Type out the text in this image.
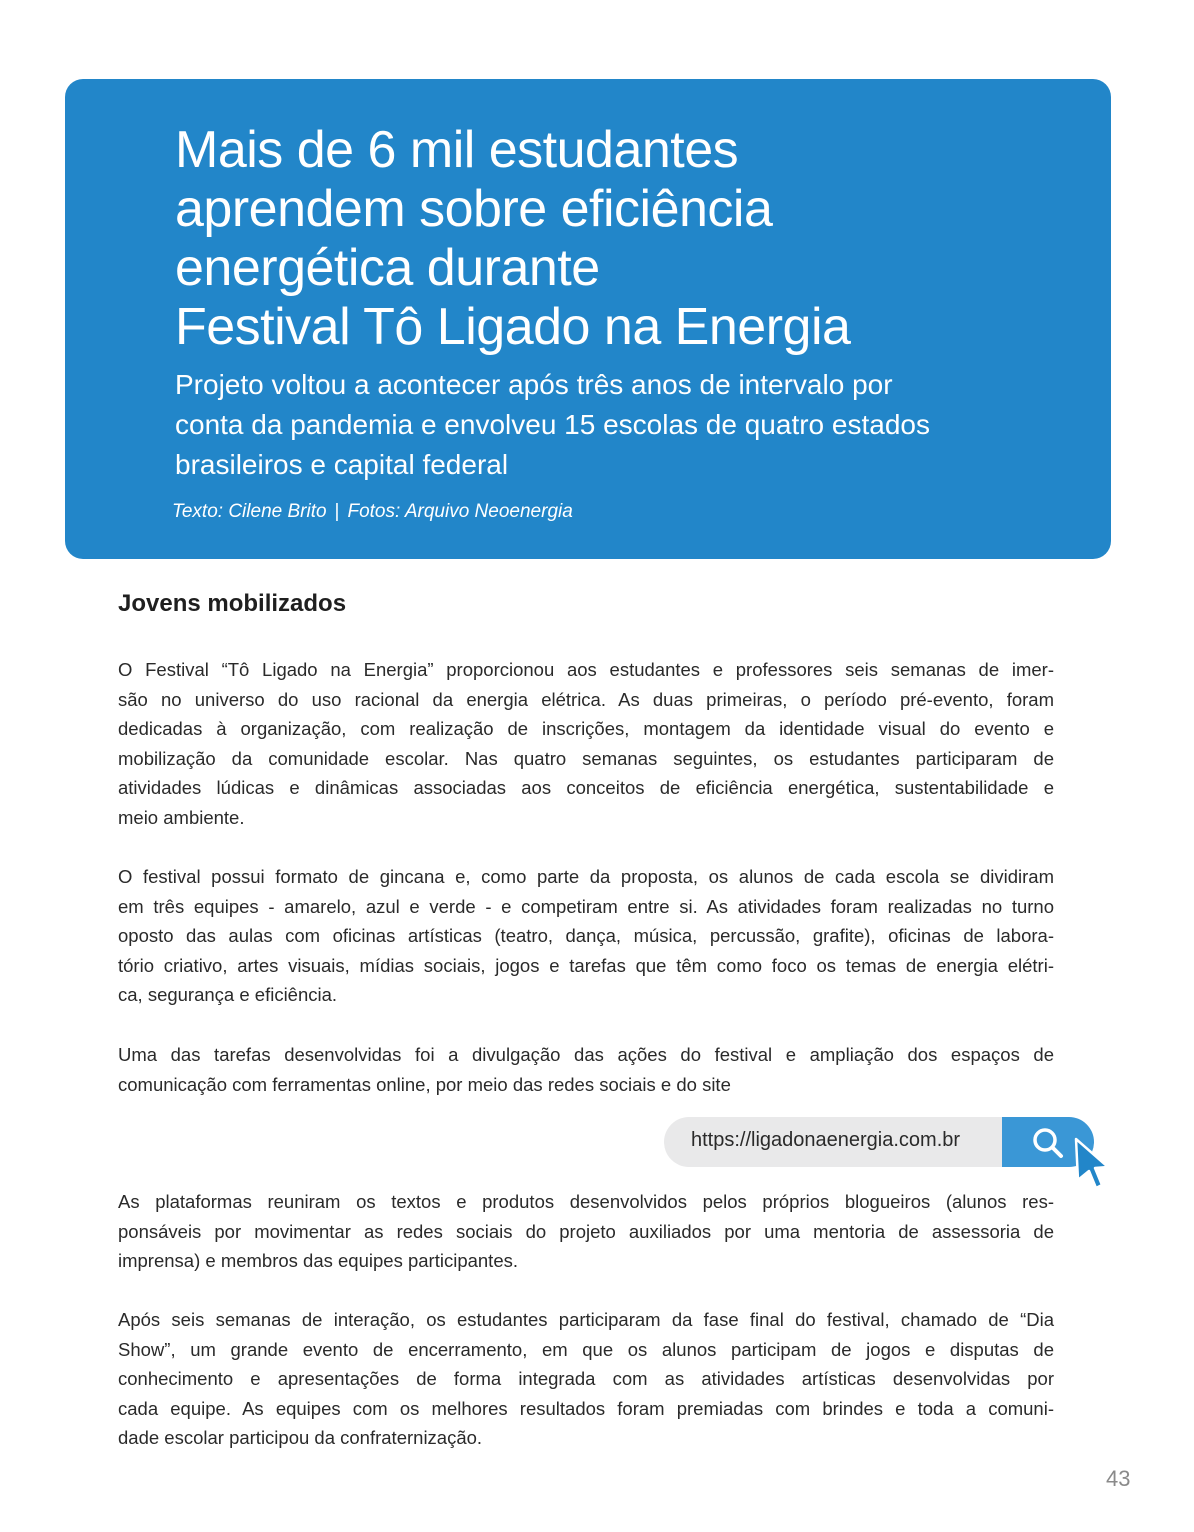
Mais de 6 mil estudantes
aprendem sobre eficiência
energética durante
Festival Tô Ligado na Energia
Projeto voltou a acontecer após três anos de intervalo por
conta da pandemia e envolveu 15 escolas de quatro estados
brasileiros e capital federal
Texto: Cilene Brito | Fotos: Arquivo Neoenergia
Jovens mobilizados
O Festival “Tô Ligado na Energia” proporcionou aos estudantes e professores seis semanas de imer-
são no universo do uso racional da energia elétrica. As duas primeiras, o período pré-evento, foram
dedicadas à organização, com realização de inscrições, montagem da identidade visual do evento e
mobilização da comunidade escolar. Nas quatro semanas seguintes, os estudantes participaram de
atividades lúdicas e dinâmicas associadas aos conceitos de eficiência energética, sustentabilidade e
meio ambiente.
O festival possui formato de gincana e, como parte da proposta, os alunos de cada escola se dividiram
em três equipes - amarelo, azul e verde - e competiram entre si. As atividades foram realizadas no turno
oposto das aulas com oficinas artísticas (teatro, dança, música, percussão, grafite), oficinas de labora-
tório criativo, artes visuais, mídias sociais, jogos e tarefas que têm como foco os temas de energia elétri-
ca, segurança e eficiência.
Uma das tarefas desenvolvidas foi a divulgação das ações do festival e ampliação dos espaços de
comunicação com ferramentas online, por meio das redes sociais e do site
https://ligadonaenergia.com.br
As plataformas reuniram os textos e produtos desenvolvidos pelos próprios blogueiros (alunos res-
ponsáveis por movimentar as redes sociais do projeto auxiliados por uma mentoria de assessoria de
imprensa) e membros das equipes participantes.
Após seis semanas de interação, os estudantes participaram da fase final do festival, chamado de “Dia
Show”, um grande evento de encerramento, em que os alunos participam de jogos e disputas de
conhecimento e apresentações de forma integrada com as atividades artísticas desenvolvidas por
cada equipe. As equipes com os melhores resultados foram premiadas com brindes e toda a comuni-
dade escolar participou da confraternização.
43
